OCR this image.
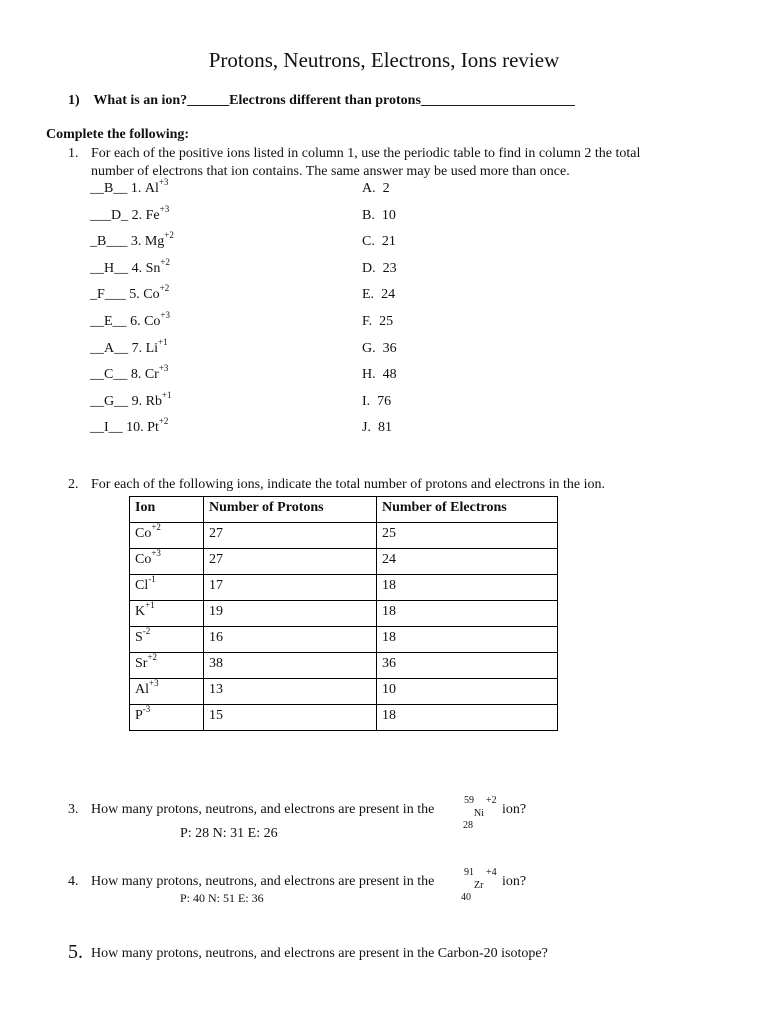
Protons, Neutrons, Electrons, Ions review
1) What is an ion?______Electrons different than protons______________________
Complete the following:
1. For each of the positive ions listed in column 1, use the periodic table to find in column 2 the total
number of electrons that ion contains. The same answer may be used more than once.
__B__ 1. $Al^{+3}$	A. 2
___D_ 2. $Fe^{+3}$	B. 10
_B___ 3. $Mg^{+2}$	C. 21
__H__ 4. $Sn^{+2}$	D. 23
_F___ 5. $Co^{+2}$	E. 24
__E__ 6. $Co^{+3}$	F. 25
__A__ 7. $Li^{+1}$	G. 36
__C__ 8. $Cr^{+3}$	H. 48
__G__ 9. $Rb^{+1}$	I. 76
__I__ 10. $Pt^{+2}$	J. 81
2. For each of the following ions, indicate the total number of protons and electrons in the ion.
Ion	Number of Protons	Number of Electrons
$Co^{+2}$	27	25
$Co^{+3}$	27	24
$Cl^{-1}$	17	18
$K^{+1}$	19	18
$S^{-2}$	16	18
$Sr^{+2}$	38	36
$Al^{+3}$	13	10
$P^{-3}$	15	18
3. How many protons, neutrons, and electrons are present in the
59
Ni
+2
28
ion?
P: 28 N: 31 E: 26
4. How many protons, neutrons, and electrons are present in the
91
Zr
+4
40
ion?
P: 40 N: 51 E: 36
5. How many protons, neutrons, and electrons are present in the Carbon-20 isotope?
